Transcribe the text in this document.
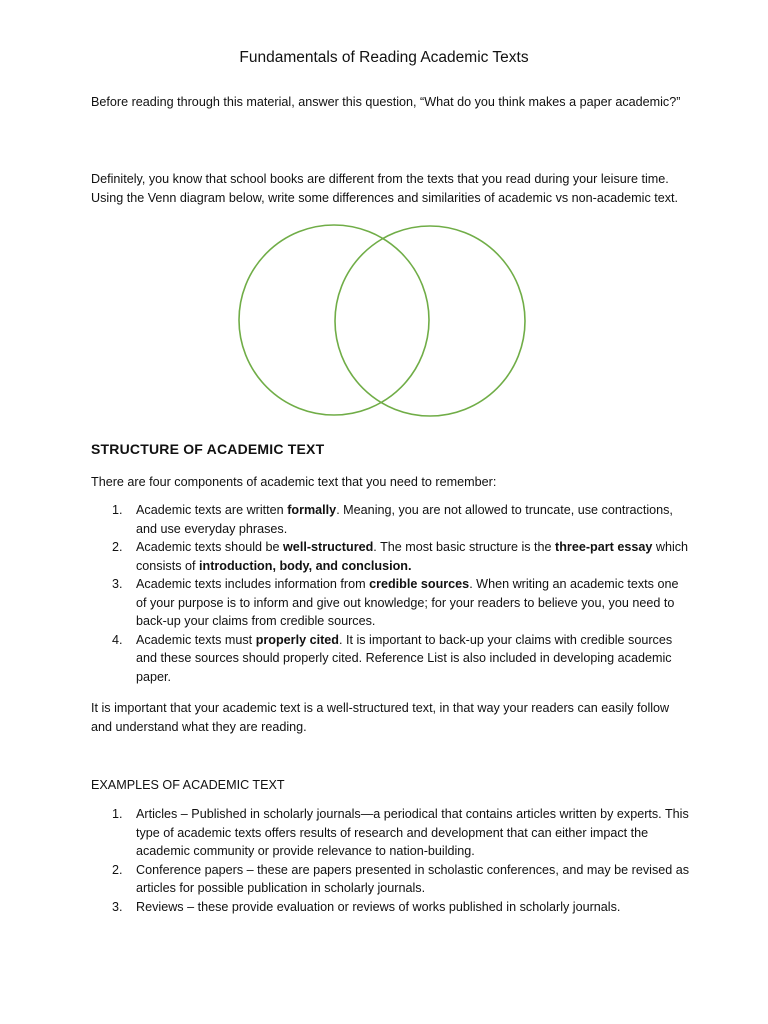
Fundamentals of Reading Academic Texts
Before reading through this material, answer this question, “What do you think makes a paper academic?”
Definitely, you know that school books are different from the texts that you read during your leisure time. Using the Venn diagram below, write some differences and similarities of academic vs non-academic text.
STRUCTURE OF ACADEMIC TEXT
There are four components of academic text that you need to remember:
1. Academic texts are written formally. Meaning, you are not allowed to truncate, use contractions, and use everyday phrases.
2. Academic texts should be well-structured. The most basic structure is the three-part essay which consists of introduction, body, and conclusion.
3. Academic texts includes information from credible sources. When writing an academic texts one of your purpose is to inform and give out knowledge; for your readers to believe you, you need to back-up your claims from credible sources.
4. Academic texts must properly cited. It is important to back-up your claims with credible sources and these sources should properly cited. Reference List is also included in developing academic paper.
It is important that your academic text is a well-structured text, in that way your readers can easily follow and understand what they are reading.
EXAMPLES OF ACADEMIC TEXT
1. Articles – Published in scholarly journals—a periodical that contains articles written by experts. This type of academic texts offers results of research and development that can either impact the academic community or provide relevance to nation-building.
2. Conference papers – these are papers presented in scholastic conferences, and may be revised as articles for possible publication in scholarly journals.
3. Reviews – these provide evaluation or reviews of works published in scholarly journals.
